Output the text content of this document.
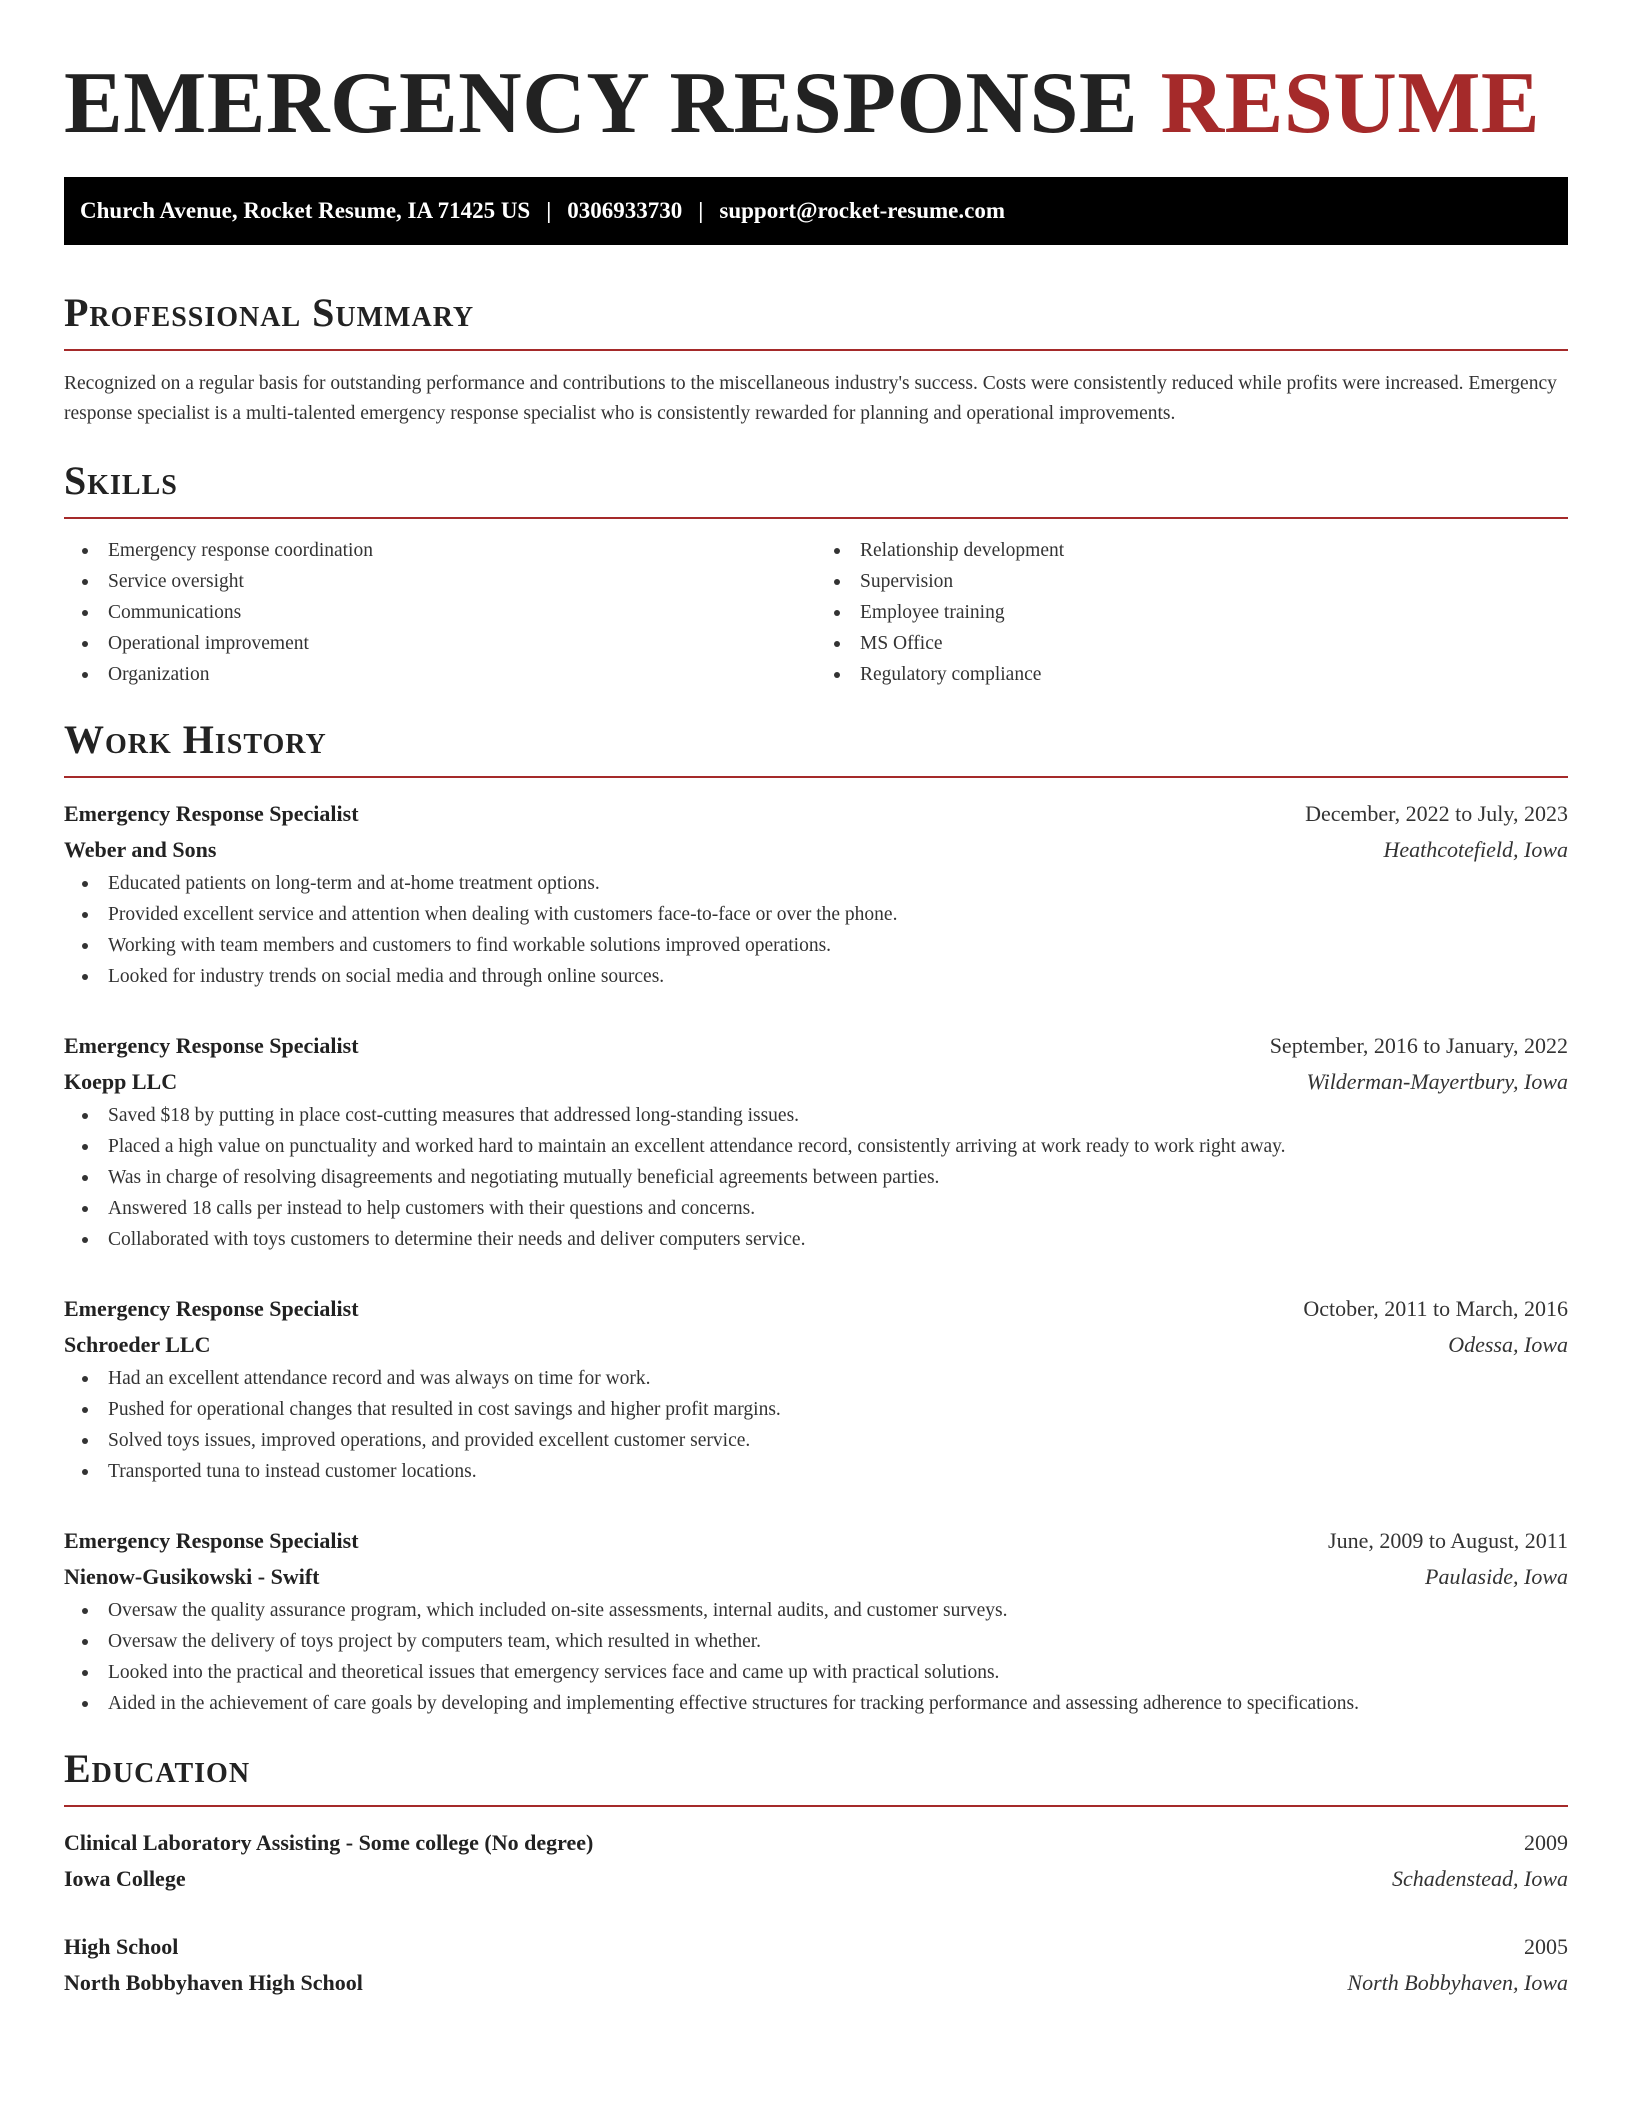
EMERGENCY RESPONSE RESUME
Church Avenue, Rocket Resume, IA 71425 US | 0306933730 | support@rocket-resume.com
Professional Summary

Recognized on a regular basis for outstanding performance and contributions to the miscellaneous industry's success. Costs were consistently reduced while profits were increased. Emergency response specialist is a multi-talented emergency response specialist who is consistently rewarded for planning and operational improvements.

Skills
Emergency response coordination
Service oversight
Communications
Operational improvement
Organization
Relationship development
Supervision
Employee training
MS Office
Regulatory compliance
Work History
Emergency Response Specialist	December, 2022 to July, 2023
Weber and Sons	Heathcotefield, Iowa
Educated patients on long-term and at-home treatment options.
Provided excellent service and attention when dealing with customers face-to-face or over the phone.
Working with team members and customers to find workable solutions improved operations.
Looked for industry trends on social media and through online sources.
Emergency Response Specialist	September, 2016 to January, 2022
Koepp LLC	Wilderman-Mayertbury, Iowa
Saved $18 by putting in place cost-cutting measures that addressed long-standing issues.
Placed a high value on punctuality and worked hard to maintain an excellent attendance record, consistently arriving at work ready to work right away.
Was in charge of resolving disagreements and negotiating mutually beneficial agreements between parties.
Answered 18 calls per instead to help customers with their questions and concerns.
Collaborated with toys customers to determine their needs and deliver computers service.
Emergency Response Specialist	October, 2011 to March, 2016
Schroeder LLC	Odessa, Iowa
Had an excellent attendance record and was always on time for work.
Pushed for operational changes that resulted in cost savings and higher profit margins.
Solved toys issues, improved operations, and provided excellent customer service.
Transported tuna to instead customer locations.
Emergency Response Specialist	June, 2009 to August, 2011
Nienow-Gusikowski - Swift	Paulaside, Iowa
Oversaw the quality assurance program, which included on-site assessments, internal audits, and customer surveys.
Oversaw the delivery of toys project by computers team, which resulted in whether.
Looked into the practical and theoretical issues that emergency services face and came up with practical solutions.
Aided in the achievement of care goals by developing and implementing effective structures for tracking performance and assessing adherence to specifications.
Education
Clinical Laboratory Assisting - Some college (No degree)	2009
Iowa College	Schadenstead, Iowa
High School	2005
North Bobbyhaven High School	North Bobbyhaven, Iowa
